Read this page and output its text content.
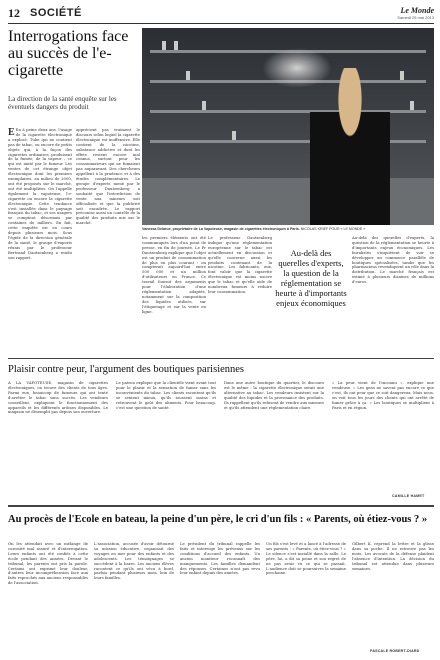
12 SOCIÉTÉ	Le Monde
Samedi 25 mai 2013
Interrogations face au succès de l'e-cigarette

La direction de la santé enquête sur les éventuels dangers du produit

Vanessa Delarue, propriétaire de La Vapoteuse, magasin de cigarettes électroniques à Paris. NICOLAS KRIEF POUR « LE MONDE »

E En à peine deux ans, l'usage de la cigarette électronique a explosé. Tube qui ne contient pas de tabac, ou encore de petits objets qui, à la façon des cigarettes ordinaires, produisent de la fumée, de la vapeur – ce qui est imité par le fumeur. Les ventes de cet étrange objet électronique dont les premiers exemplaires, au milieu de 2000, ont été proposés sur le marché, ont été multipliées. On l'appelle également la vapoteuse, l'e-cigarette ou encore la cigarette électronique. Cette tendance s'est installée dans le paysage français du tabac, et ses usagers se comptent désormais par centaines de milliers. En fait, cette enquête est en cours depuis plusieurs mois. Sous l'égide de la direction générale de la santé, le groupe d'experts réunis par le professeur Bertrand Dautzenberg a rendu son rapport.
apprécient pas vraiment le discours selon lequel la cigarette électronique est inoffensive. Elle contient de la nicotine, substance addictive et dont les effets restent encore mal connus, surtout pour les consommateurs qui ne fumaient pas auparavant. Des chercheurs appellent à la prudence et à des études complémentaires. Le groupe d'experts mené par le professeur Dautzenberg a souhaité que l'interdiction de vente aux mineurs soit officialisée et que la publicité soit encadrée. Le rapport préconise aussi un contrôle de la qualité des produits mis sur le marché.
les premiers éléments ont été communiqués lors d'un point de presse, en fin de journée. Le Pr Dautzenberg explique que l'objet est un produit de consommation de plus en plus courant : on compterait aujourd'hui entre 500 000 et un million d'utilisateurs en France. Ce travail fournit des arguments pour l'élaboration d'une réglementation adaptée, notamment sur la composition des liquides utilisés, sur l'étiquetage et sur la vente en ligne.
Le professeur Dautzenberg indique qu'une réglementation européenne sur le tabac est actuellement en discussion et qu'elle concerne aussi les produits contenant de la nicotine. Les fabricants, eux, font valoir que la cigarette électronique est moins nocive que le tabac et qu'elle aide de nombreux fumeurs à réduire leur consommation.
Au-delà des querelles d'experts, la question de la réglementation se heurte à d'importants enjeux économiques
Au-delà des querelles d'experts, la question de la réglementation se heurte à d'importants enjeux économiques. Les buralistes s'inquiètent de voir se développer un commerce parallèle de boutiques spécialisées, tandis que les pharmaciens revendiquent un rôle dans la distribution. Le marché français est estimé à plusieurs dizaines de millions d'euros.
Plaisir contre peur, l'argument des boutiques parisiennes
À LA VAPOTEUSE, magasin de cigarettes électroniques, on trouve des clients de tous âges. Parmi eux, beaucoup de fumeurs qui ont tenté d'arrêter le tabac sans succès. Les vendeurs conseillent, expliquent le fonctionnement des appareils et les différents arômes disponibles. Le magasin ne désemplit pas depuis son ouverture.
Le patron explique que la clientèle vient avant tout pour le plaisir et la sensation de fumer sans les inconvénients du tabac. Les clients racontent qu'ils se sentent mieux, qu'ils toussent moins et retrouvent le goût des aliments. Pour beaucoup, c'est une question de santé.
Dans une autre boutique du quartier, le discours est le même : la cigarette électronique serait une alternative au tabac. Les vendeurs insistent sur la qualité des liquides et la provenance des produits. Ils rappellent qu'ils refusent de vendre aux mineurs et qu'ils attendent une réglementation claire.
« La peur vient de l'inconnu », explique une vendeuse. « Les gens ne savent pas encore ce que c'est, ils ont peur que ce soit dangereux. Mais nous, on voit tous les jours des clients qui ont arrêté de fumer grâce à ça. » Les boutiques se multiplient à Paris et en région.
CAMILLE HAMET
Au procès de l'Ecole en bateau, la peine d'un père, le cri d'un fils : « Parents, où étiez-vous ? »
On les attendait avec un mélange de curiosité mal assuré et d'interrogation. Leurs enfants ont été confiés à cette école pendant des années. Devant le tribunal, les parents ont pris la parole. Certains ont exprimé leur douleur, d'autres leur incompréhension face aux faits reprochés aux anciens responsables de l'association.
L'association, accusée d'avoir détourné sa mission éducative, organisait des voyages en mer pour des enfants et des adolescents. Les témoignages se succèdent à la barre. Les anciens élèves racontent ce qu'ils ont vécu à bord, parfois pendant plusieurs mois, loin de leurs familles.
Le président du tribunal rappelle les faits et interroge les prévenus sur les conditions d'accueil des enfants. Un ancien moniteur reconnaît des manquements. Les familles demandent des réponses. Certaines n'ont pas revu leur enfant depuis des années.
Un fils s'est levé et a lancé à l'adresse de ses parents : « Parents, où étiez-vous ? » Le silence s'est installé dans la salle. Le père, lui, a dit sa peine et son regret de ne pas avoir vu ce qui se passait. L'audience doit se poursuivre la semaine prochaine.
Gilbert K. reprend la lettre et la glisse dans sa poche. Il ne retrouve pas les mots. Les avocats de la défense plaident l'absence d'intention. La décision du tribunal est attendue dans plusieurs semaines.
PASCALE ROBERT-DIARD
